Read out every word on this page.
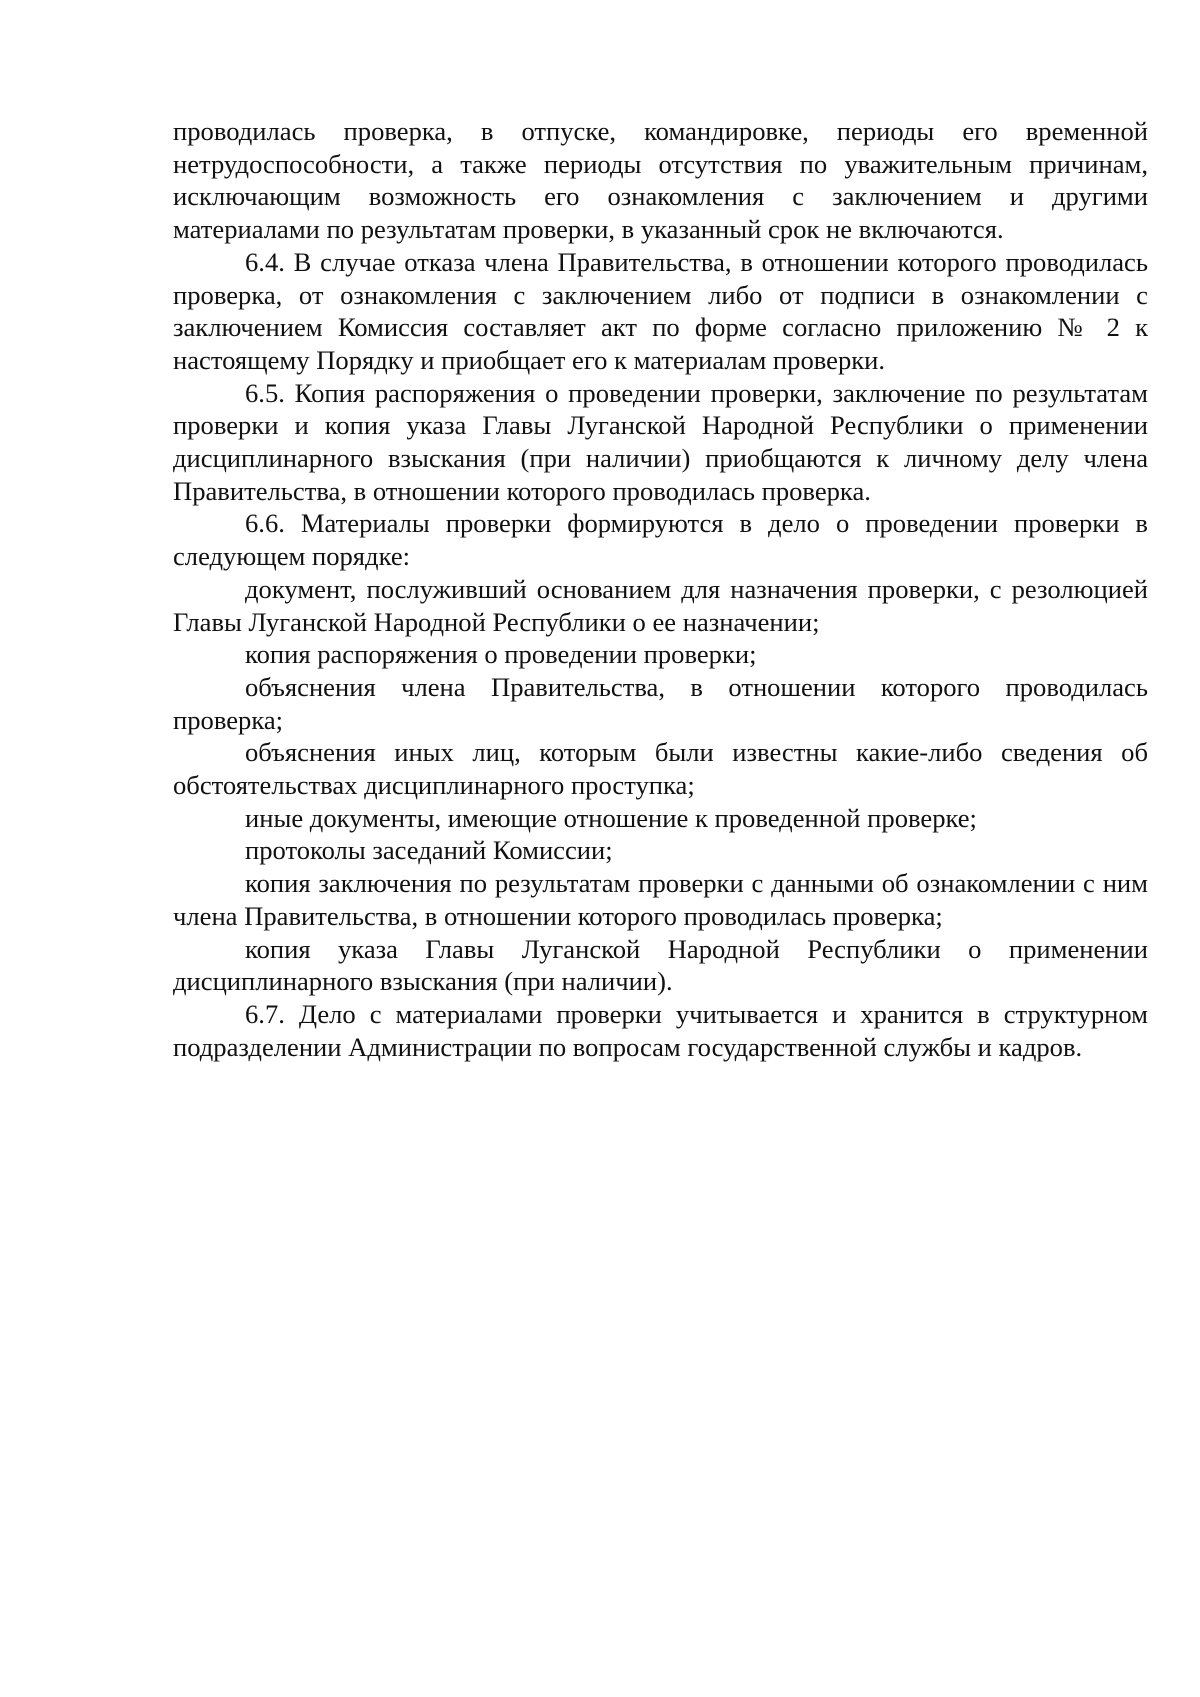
проводилась проверка, в отпуске, командировке, периоды его временной нетрудоспособности, а также периоды отсутствия по уважительным причинам, исключающим возможность его ознакомления с заключением и другими материалами по результатам проверки, в указанный срок не включаются.

6.4. В случае отказа члена Правительства, в отношении которого проводилась проверка, от ознакомления с заключением либо от подписи в ознакомлении с заключением Комиссия составляет акт по форме согласно приложению № 2 к настоящему Порядку и приобщает его к материалам проверки.

6.5. Копия распоряжения о проведении проверки, заключение по результатам проверки и копия указа Главы Луганской Народной Республики о применении дисциплинарного взыскания (при наличии) приобщаются к личному делу члена Правительства, в отношении которого проводилась проверка.

6.6. Материалы проверки формируются в дело о проведении проверки в следующем порядке:

документ, послуживший основанием для назначения проверки, с резолюцией Главы Луганской Народной Республики о ее назначении;

копия распоряжения о проведении проверки;

объяснения члена Правительства, в отношении которого проводилась проверка;

объяснения иных лиц, которым были известны какие-либо сведения об обстоятельствах дисциплинарного проступка;

иные документы, имеющие отношение к проведенной проверке;

протоколы заседаний Комиссии;

копия заключения по результатам проверки с данными об ознакомлении с ним члена Правительства, в отношении которого проводилась проверка;

копия указа Главы Луганской Народной Республики о применении дисциплинарного взыскания (при наличии).

6.7. Дело с материалами проверки учитывается и хранится в структурном подразделении Администрации по вопросам государственной службы и кадров.
